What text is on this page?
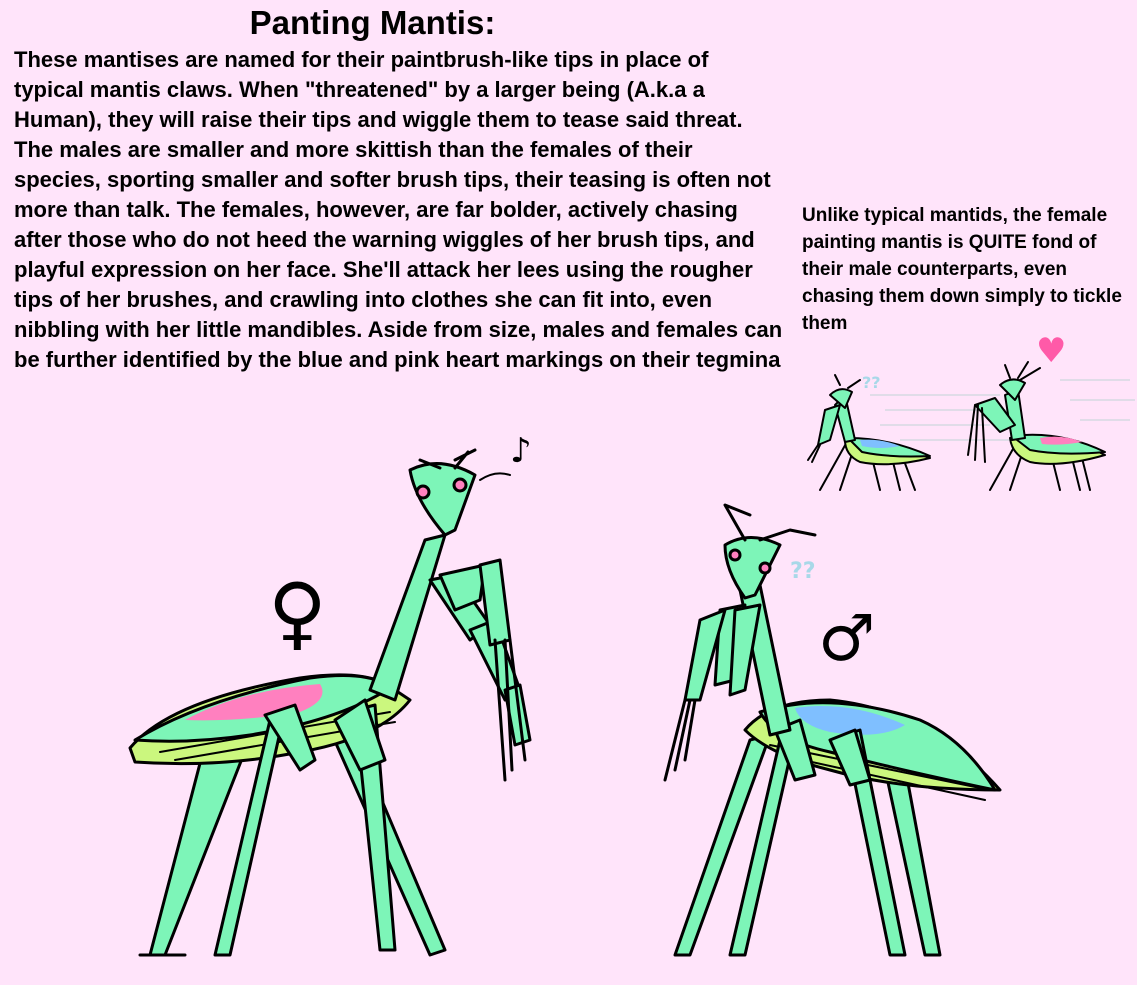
Panting Mantis:

These mantises are named for their paintbrush-like tips in place of typical mantis claws. When "threatened" by a larger being (A.k.a a Human), they will raise their tips and wiggle them to tease said threat. The males are smaller and more skittish than the females of their species, sporting smaller and softer brush tips, their teasing is often not more than talk. The females, however, are far bolder, actively chasing after those who do not heed the warning wiggles of her brush tips, and playful expression on her face. She'll attack her lees using the rougher tips of her brushes, and crawling into clothes she can fit into, even nibbling with her little mandibles. Aside from size, males and females can be further identified by the blue and pink heart markings on their tegmina

Unlike typical mantids, the female painting mantis is QUITE fond of their male counterparts, even chasing them down simply to tickle them

♪
♀	??
♂
??
♥
